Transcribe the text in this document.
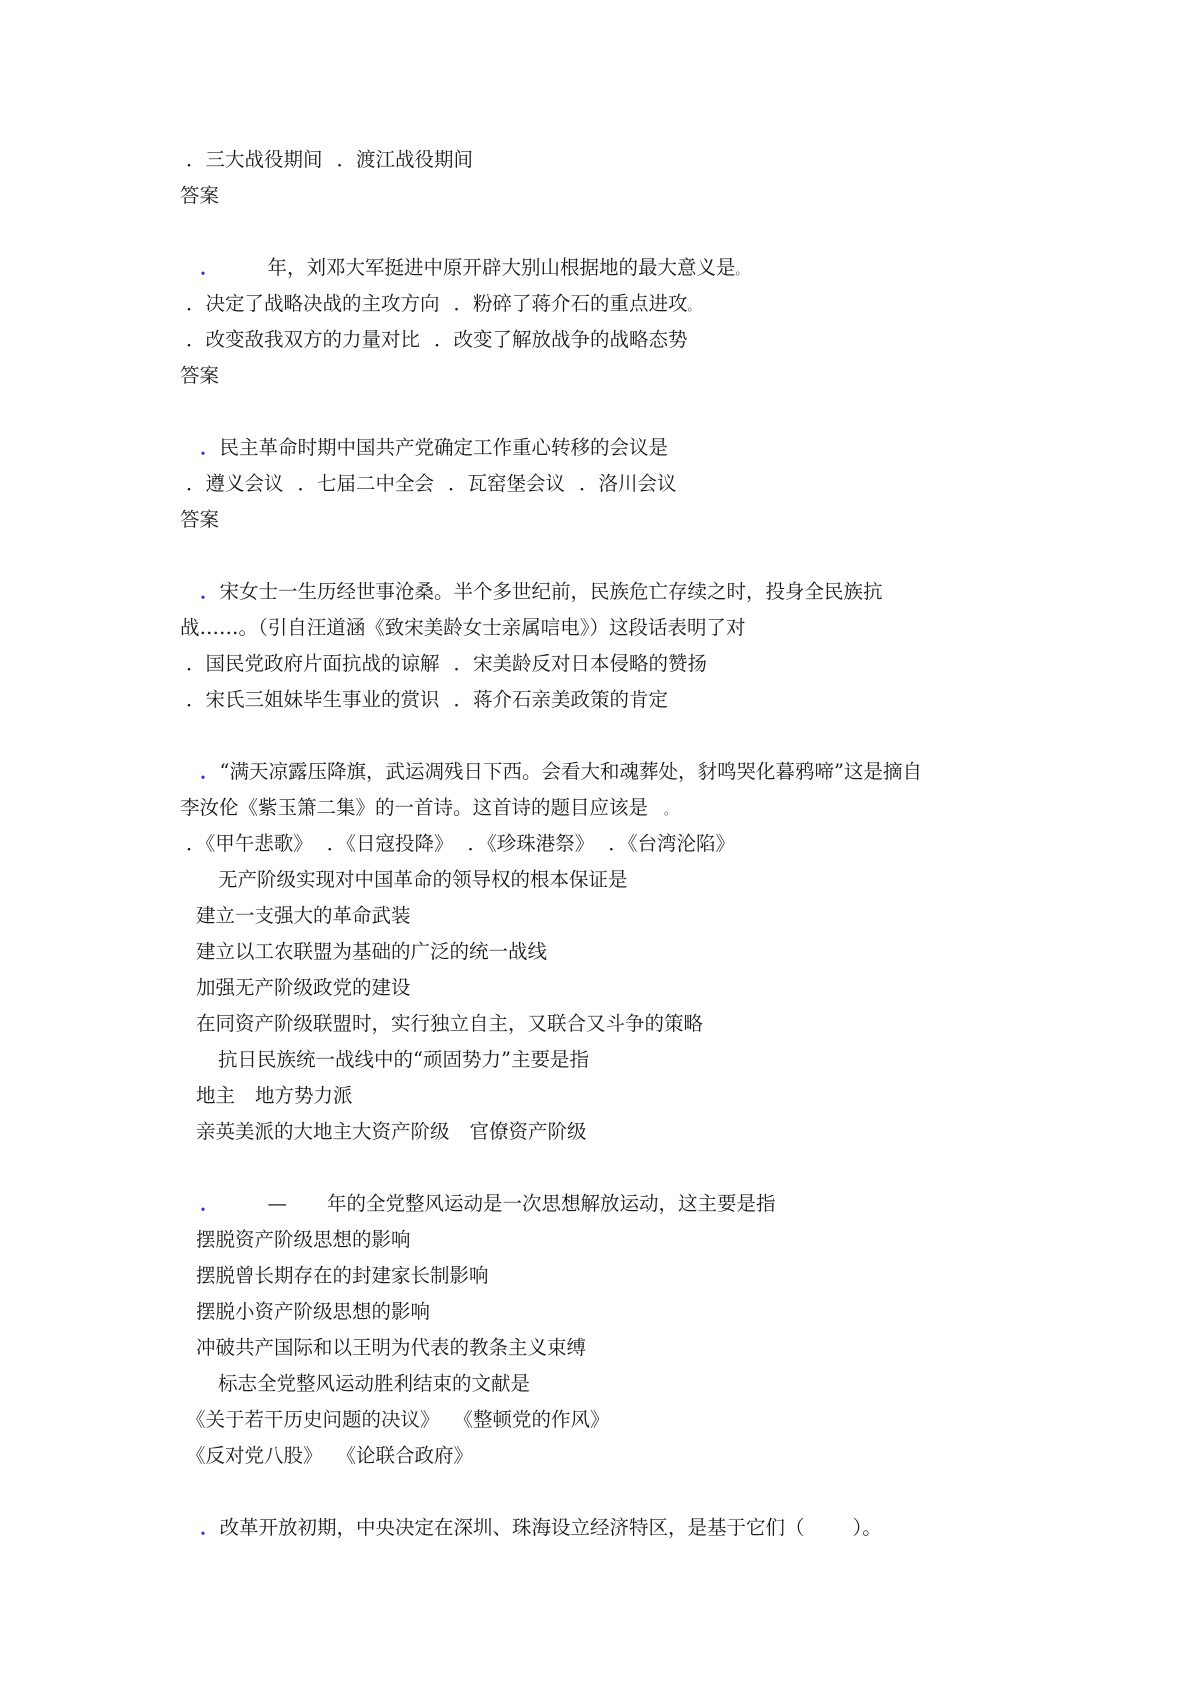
．三大战役期间 ．渡江战役期间
答案
． 年，刘邓大军挺进中原开辟大别山根据地的最大意义是。
．决定了战略决战的主攻方向 ．粉碎了蒋介石的重点进攻。
．改变敌我双方的力量对比 ．改变了解放战争的战略态势
答案
．民主革命时期中国共产党确定工作重心转移的会议是
．遵义会议 ．七届二中全会 ．瓦窑堡会议 ．洛川会议
答案
．宋女士一生历经世事沧桑。半个多世纪前，民族危亡存续之时，投身全民族抗
战……。（引自汪道涵《致宋美龄女士亲属唁电》）这段话表明了对
．国民党政府片面抗战的谅解 ．宋美龄反对日本侵略的赞扬
．宋氏三姐妹毕生事业的赏识 ．蒋介石亲美政策的肯定
．“满天凉露压降旗，武运凋残日下西。会看大和魂葬处，豺鸣哭化暮鸦啼”这是摘自
李汝伦《紫玉箫二集》的一首诗。这首诗的题目应该是 。
．《甲午悲歌》 ．《日寇投降》 ．《珍珠港祭》 ．《台湾沦陷》
无产阶级实现对中国革命的领导权的根本保证是
建立一支强大的革命武装
建立以工农联盟为基础的广泛的统一战线
加强无产阶级政党的建设
在同资产阶级联盟时，实行独立自主，又联合又斗争的策略
抗日民族统一战线中的“顽固势力”主要是指
地主 地方势力派
亲英美派的大地主大资产阶级 官僚资产阶级
． — 年的全党整风运动是一次思想解放运动，这主要是指
摆脱资产阶级思想的影响
摆脱曾长期存在的封建家长制影响
摆脱小资产阶级思想的影响
冲破共产国际和以王明为代表的教条主义束缚
标志全党整风运动胜利结束的文献是
《关于若干历史问题的决议》 《整顿党的作风》
《反对党八股》 《论联合政府》
．改革开放初期，中央决定在深圳、珠海设立经济特区，是基于它们（ ）。
